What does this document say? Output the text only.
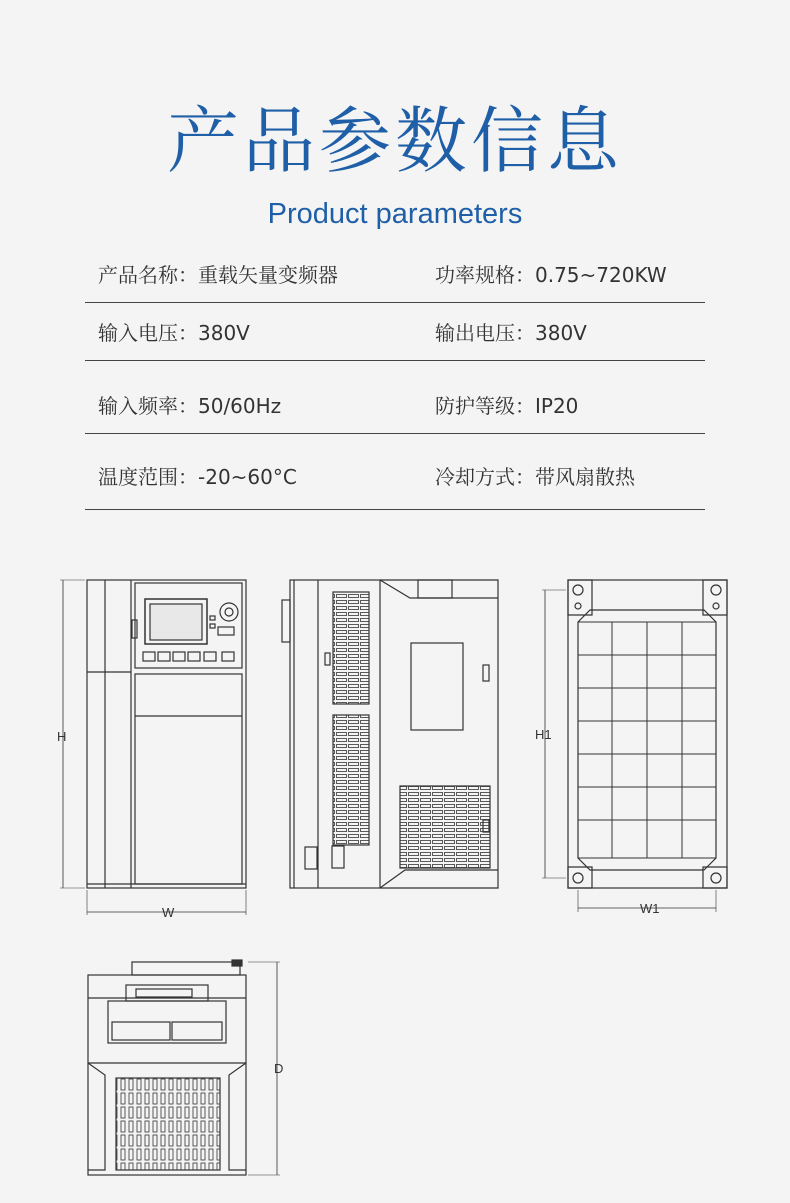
产品参数信息
Product parameters
产品名称：重载矢量变频器	功率规格：0.75~720KW
输入电压：380V	输出电压：380V
输入频率：50/60Hz	防护等级：IP20
温度范围：-20~60°C	冷却方式：带风扇散热
H
W
H1
W1
D
